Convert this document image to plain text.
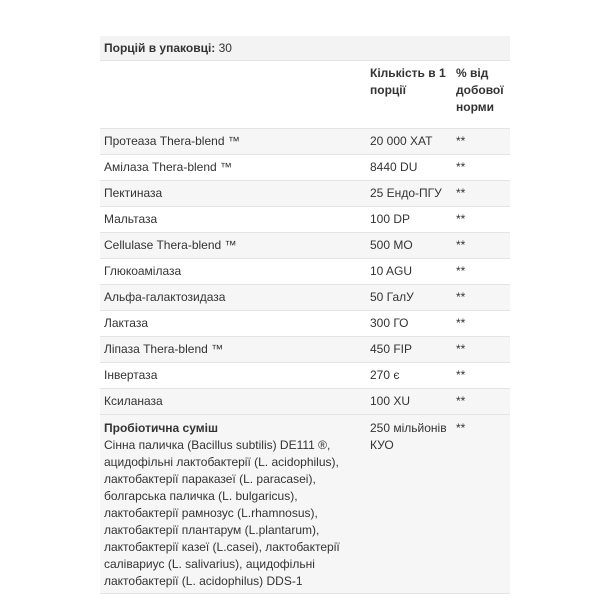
Порцій в упаковці: 30
	Кількість в 1 порції	% від добової норми
Протеаза Thera-blend ™	20 000 ХАТ	**
Амілаза Thera-blend ™	8440 DU	**
Пектиназа	25 Ендо-ПГУ	**
Мальтаза	100 DP	**
Cellulase Thera-blend ™	500 МО	**
Глюкоамілаза	10 AGU	**
Альфа-галактозидаза	50 ГалУ	**
Лактаза	300 ГО	**
Ліпаза Thera-blend ™	450 FIP	**
Інвертаза	270 є	**
Ксиланаза	100 XU	**

Пробіотична суміш
Сінна паличка (Bacillus subtilis) DE111 ®, ацидофільні лактобактерії (L. acidophilus), лактобактерії параказеї (L. paracasei), болгарська паличка (L. bulgaricus), лактобактерії рамнозус (L.rhamnosus), лактобактерії плантарум (L.plantarum), лактобактерії казеї (L.casei), лактобактерії салівариус (L. salivarius), ацидофільні лактобактерії (L. acidophilus) DDS-1	250 мільйонів КУО	**
